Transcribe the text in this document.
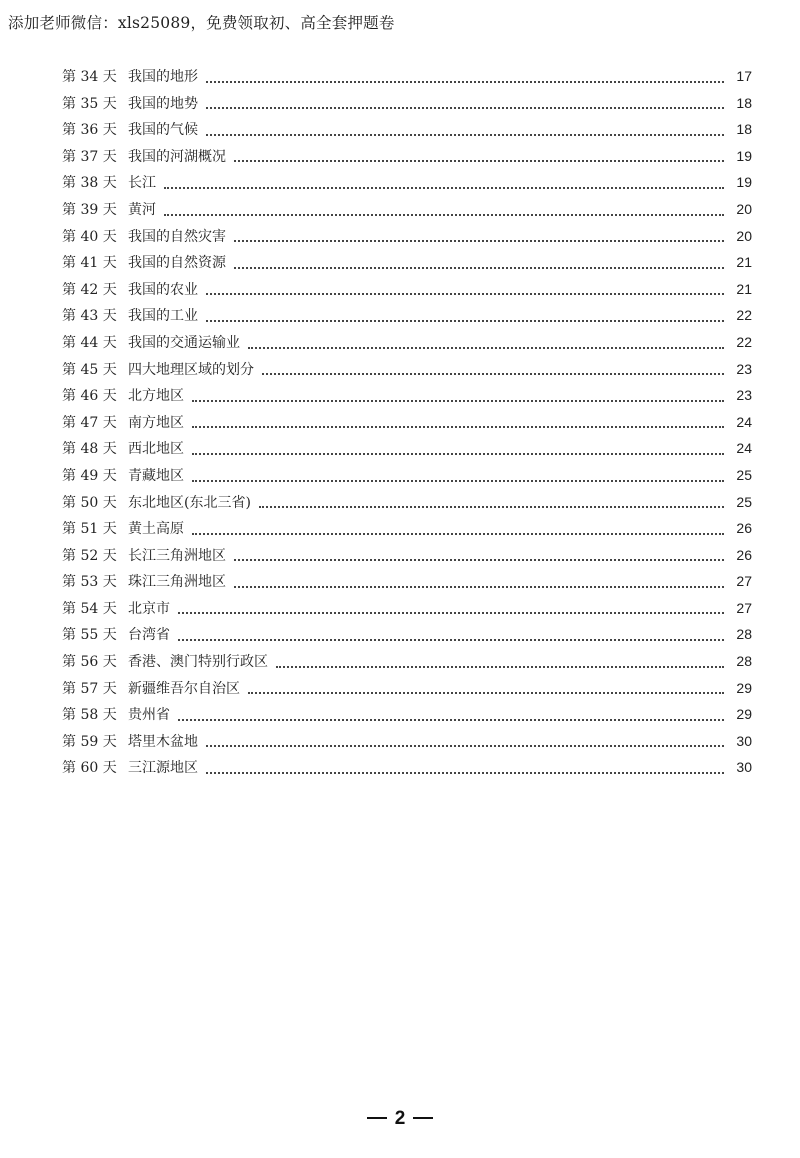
添加老师微信：xls25089，免费领取初、高全套押题卷
第 34 天 我国的地形	17
第 35 天 我国的地势	18
第 36 天 我国的气候	18
第 37 天 我国的河湖概况	19
第 38 天 长江	19
第 39 天 黄河	20
第 40 天 我国的自然灾害	20
第 41 天 我国的自然资源	21
第 42 天 我国的农业	21
第 43 天 我国的工业	22
第 44 天 我国的交通运输业	22
第 45 天 四大地理区域的划分	23
第 46 天 北方地区	23
第 47 天 南方地区	24
第 48 天 西北地区	24
第 49 天 青藏地区	25
第 50 天 东北地区(东北三省)	25
第 51 天 黄土高原	26
第 52 天 长江三角洲地区	26
第 53 天 珠江三角洲地区	27
第 54 天 北京市	27
第 55 天 台湾省	28
第 56 天 香港、澳门特别行政区	28
第 57 天 新疆维吾尔自治区	29
第 58 天 贵州省	29
第 59 天 塔里木盆地	30
第 60 天 三江源地区	30
2
